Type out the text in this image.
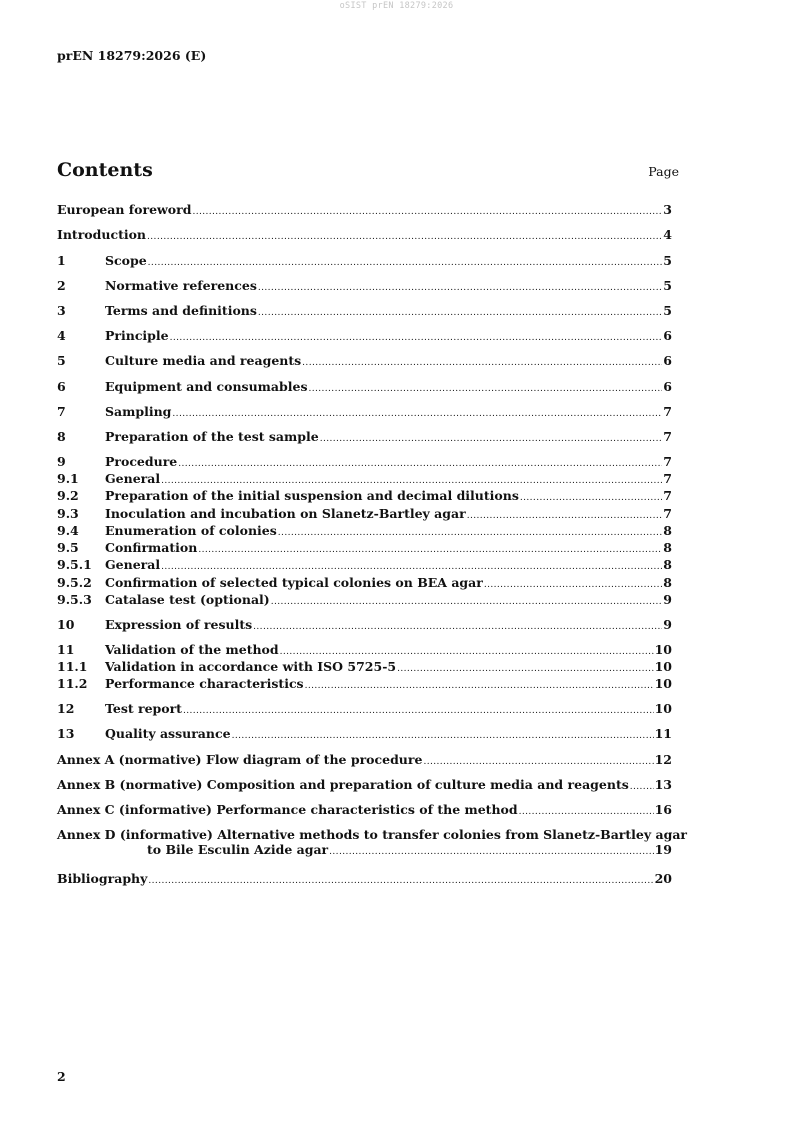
oSIST prEN 18279:2026
prEN 18279:2026 (E)
Contents	Page
European foreword .....	3
Introduction .....	4
1	Scope .....	5
2	Normative references .....	5
3	Terms and definitions .....	5
4	Principle .....	6
5	Culture media and reagents .....	6
6	Equipment and consumables .....	6
7	Sampling .....	7
8	Preparation of the test sample .....	7
9	Procedure .....	7
9.1	General .....	7
9.2	Preparation of the initial suspension and decimal dilutions .....	7
9.3	Inoculation and incubation on Slanetz-Bartley agar .....	7
9.4	Enumeration of colonies .....	8
9.5	Confirmation .....	8
9.5.1	General .....	8
9.5.2	Confirmation of selected typical colonies on BEA agar .....	8
9.5.3	Catalase test (optional) .....	9
10	Expression of results .....	9
11	Validation of the method .....	10
11.1	Validation in accordance with ISO 5725-5 .....	10
11.2	Performance characteristics .....	10
12	Test report .....	10
13	Quality assurance .....	11
Annex A (normative) Flow diagram of the procedure .....	12
Annex B (normative) Composition and preparation of culture media and reagents ..... 13
Annex C (informative) Performance characteristics of the method .....	16
Annex D (informative) Alternative methods to transfer colonies from Slanetz-Bartley agar
to Bile Esculin Azide agar .....	19
Bibliography .....	20
2
